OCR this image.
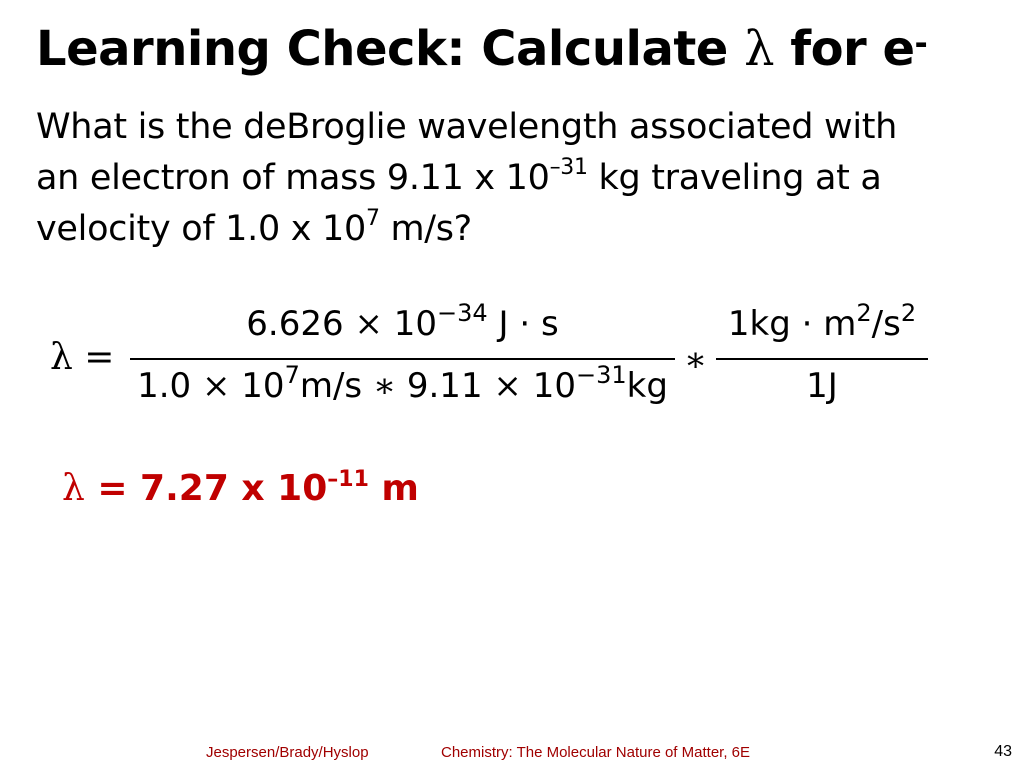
Learning Check: Calculate λ for e-
What is the deBroglie wavelength associated with
an electron of mass 9.11 x $10^{-31}$ kg traveling at a
velocity of 1.0 x $10^7$ m/s?
λ =
$6.626 \times 10^{-34}$ J · s
$1.0 \times 10^7m/s$ ∗ $9.11 \times 10^{-31}kg$
∗
$1kg \cdot m^2/s^2$
1J
λ = 7.27 x $10^{-11}$ m
Jespersen/Brady/Hyslop	Chemistry: The Molecular Nature of Matter, 6E	43
